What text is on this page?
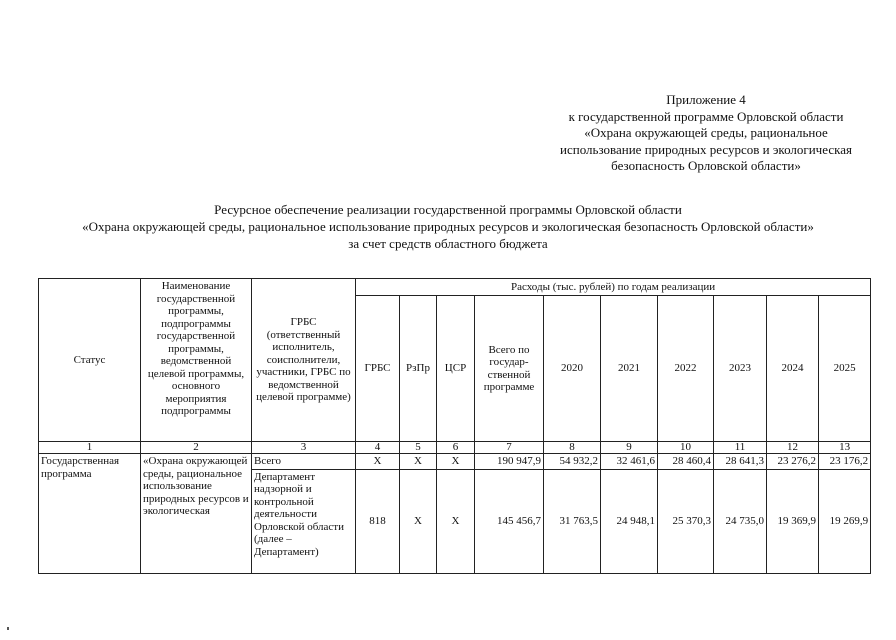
Приложение 4
к государственной программе Орловской области
«Охрана окружающей среды, рациональное
использование природных ресурсов и экологическая
безопасность Орловской области»
Ресурсное обеспечение реализации государственной программы Орловской области
«Охрана окружающей среды, рациональное использование природных ресурсов и экологическая безопасность Орловской области»
за счет средств областного бюджета
Статус	Наименование государственной программы, подпрограммы государственной программы, ведомственной целевой программы, основного мероприятия подпрограммы	ГРБС (ответственный исполнитель, соисполнители, участники, ГРБС по ведомственной целевой программе)	Расходы (тыс. рублей) по годам реализации									
			ГРБС	РзПр	ЦСР	Всего по государ-ственной программе	2020	2021	2022	2023	2024	2025
1	2	3	4	5	6	7	8	9	10	11	12	13
Государственная программа	«Охрана окружающей среды, рациональное использование природных ресурсов и экологическая	Всего	Х	Х	Х	190 947,9	54 932,2	32 461,6	28 460,4	28 641,3	23 276,2	23 176,2
		Департамент надзорной и контрольной деятельности Орловской области (далее – Департамент)	818	Х	Х	145 456,7	31 763,5	24 948,1	25 370,3	24 735,0	19 369,9	19 269,9
